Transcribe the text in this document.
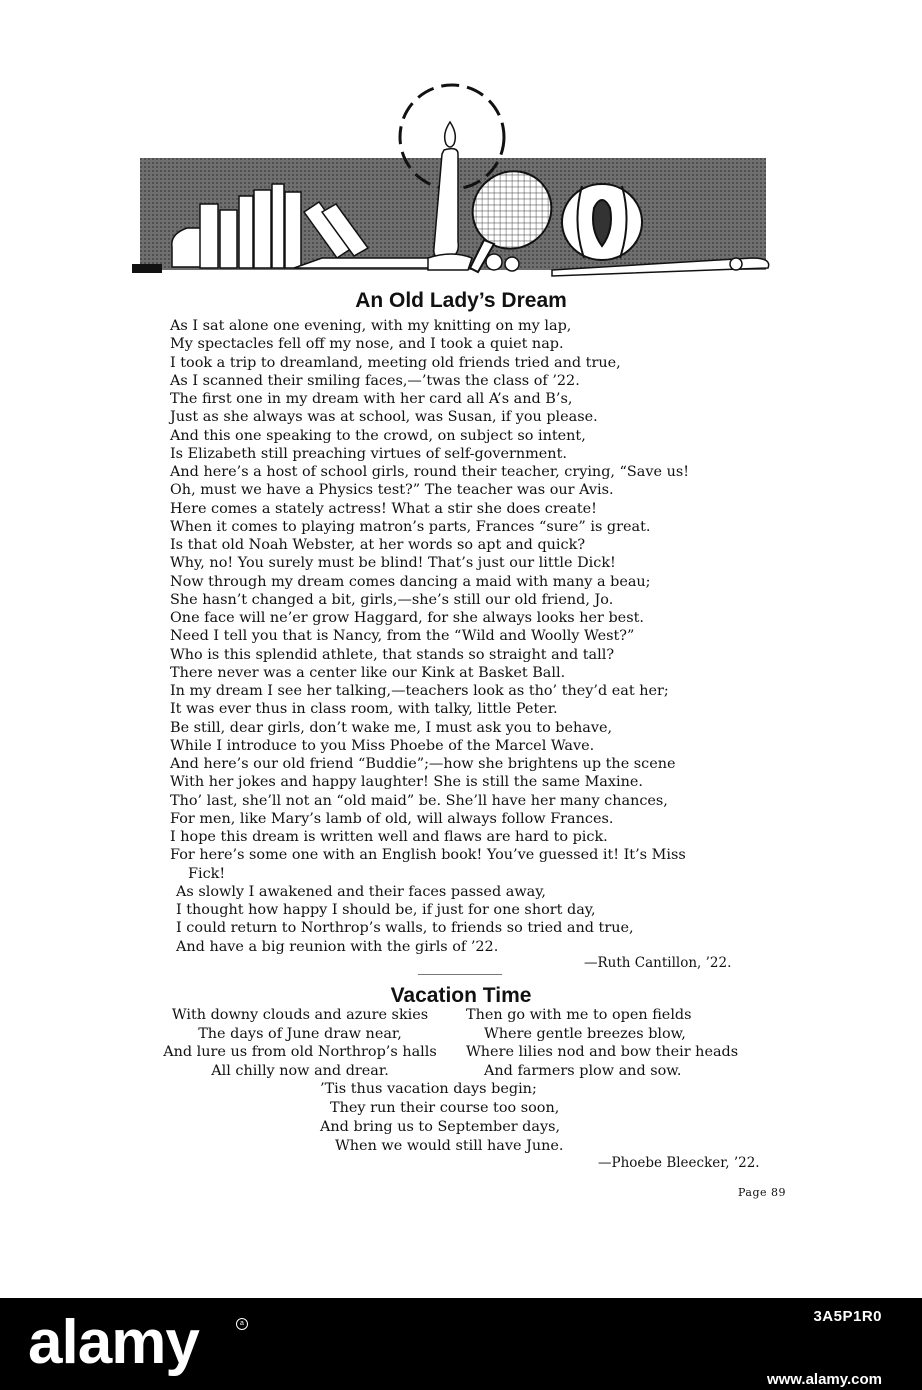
An Old Lady’s Dream
As I sat alone one evening, with my knitting on my lap,
My spectacles fell off my nose, and I took a quiet nap.
I took a trip to dreamland, meeting old friends tried and true,
As I scanned their smiling faces,—’twas the class of ’22.
The first one in my dream with her card all A’s and B’s,
Just as she always was at school, was Susan, if you please.
And this one speaking to the crowd, on subject so intent,
Is Elizabeth still preaching virtues of self-government.
And here’s a host of school girls, round their teacher, crying, “Save us!
Oh, must we have a Physics test?” The teacher was our Avis.
Here comes a stately actress! What a stir she does create!
When it comes to playing matron’s parts, Frances “sure” is great.
Is that old Noah Webster, at her words so apt and quick?
Why, no! You surely must be blind! That’s just our little Dick!
Now through my dream comes dancing a maid with many a beau;
She hasn’t changed a bit, girls,—she’s still our old friend, Jo.
One face will ne’er grow Haggard, for she always looks her best.
Need I tell you that is Nancy, from the “Wild and Woolly West?”
Who is this splendid athlete, that stands so straight and tall?
There never was a center like our Kink at Basket Ball.
In my dream I see her talking,—teachers look as tho’ they’d eat her;
It was ever thus in class room, with talky, little Peter.
Be still, dear girls, don’t wake me, I must ask you to behave,
While I introduce to you Miss Phoebe of the Marcel Wave.
And here’s our old friend “Buddie”;—how she brightens up the scene
With her jokes and happy laughter! She is still the same Maxine.
Tho’ last, she’ll not an “old maid” be. She’ll have her many chances,
For men, like Mary’s lamb of old, will always follow Frances.
I hope this dream is written well and flaws are hard to pick.
For here’s some one with an English book! You’ve guessed it! It’s Miss
Fick!
As slowly I awakened and their faces passed away,
I thought how happy I should be, if just for one short day,
I could return to Northrop’s walls, to friends so tried and true,
And have a big reunion with the girls of ’22.
—Ruth Cantillon, ’22.
Vacation Time
With downy clouds and azure skies
The days of June draw near,
And lure us from old Northrop’s halls
All chilly now and drear.
Then go with me to open fields
Where gentle breezes blow,
Where lilies nod and bow their heads
And farmers plow and sow.
’Tis thus vacation days begin;
They run their course too soon,
And bring us to September days,
When we would still have June.
—Phoebe Bleecker, ’22.
Page 89
alamy	a	3A5P1R0
www.alamy.com
